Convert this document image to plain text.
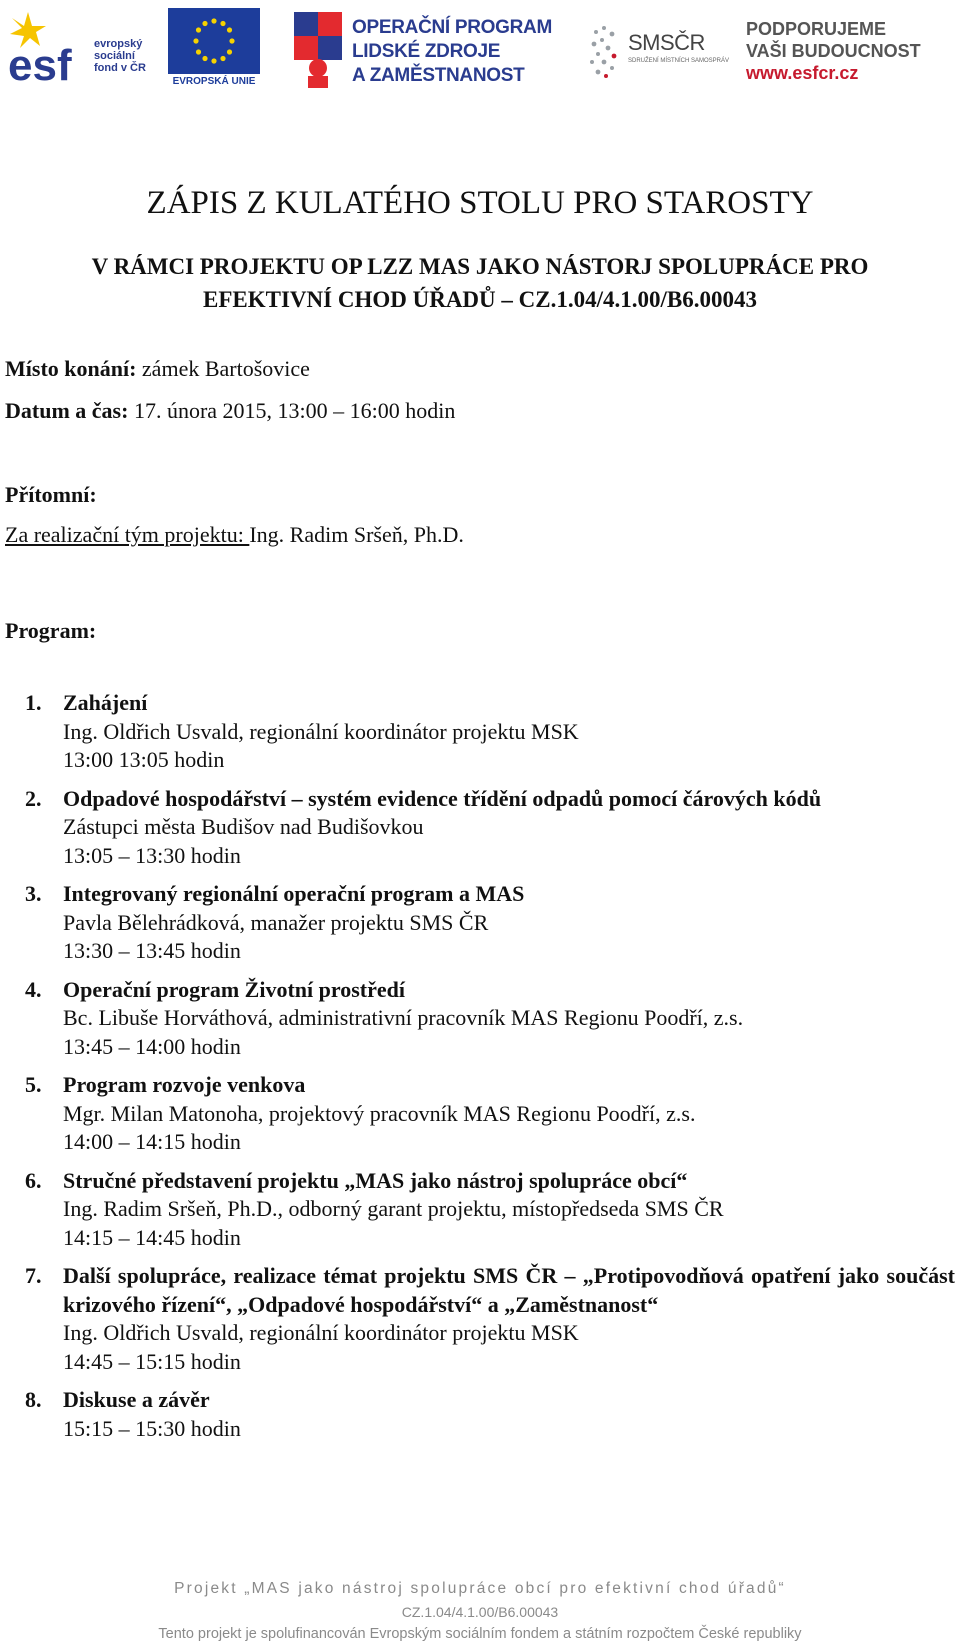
esf evropský sociální fond v ČR
EVROPSKÁ UNIE
OPERAČNÍ PROGRAM
LIDSKÉ ZDROJE
A ZAMĚSTNANOST
SMSČR
SDRUŽENÍ MÍSTNÍCH SAMOSPRÁV
PODPORUJEME
VAŠI BUDOUCNOST
www.esfcr.cz
ZÁPIS Z KULATÉHO STOLU PRO STAROSTY
V RÁMCI PROJEKTU OP LZZ MAS JAKO NÁSTORJ SPOLUPRÁCE PRO
EFEKTIVNÍ CHOD ÚŘADŮ – CZ.1.04/4.1.00/B6.00043
Místo konání: zámek Bartošovice
Datum a čas: 17. února 2015, 13:00 – 16:00 hodin
Přítomní:
Za realizační tým projektu: Ing. Radim Sršeň, Ph.D.
Program:
1. Zahájení
Ing. Oldřich Usvald, regionální koordinátor projektu MSK
13:00 13:05 hodin
2. Odpadové hospodářství – systém evidence třídění odpadů pomocí čárových kódů
Zástupci města Budišov nad Budišovkou
13:05 – 13:30 hodin
3. Integrovaný regionální operační program a MAS
Pavla Bělehrádková, manažer projektu SMS ČR
13:30 – 13:45 hodin
4. Operační program Životní prostředí
Bc. Libuše Horváthová, administrativní pracovník MAS Regionu Poodří, z.s.
13:45 – 14:00 hodin
5. Program rozvoje venkova
Mgr. Milan Matonoha, projektový pracovník MAS Regionu Poodří, z.s.
14:00 – 14:15 hodin
6. Stručné představení projektu „MAS jako nástroj spolupráce obcí“
Ing. Radim Sršeň, Ph.D., odborný garant projektu, místopředseda SMS ČR
14:15 – 14:45 hodin
7. Další spolupráce, realizace témat projektu SMS ČR – „Protipovodňová opatření jako součást krizového řízení“, „Odpadové hospodářství“ a „Zaměstnanost“
Ing. Oldřich Usvald, regionální koordinátor projektu MSK
14:45 – 15:15 hodin
8. Diskuse a závěr
15:15 – 15:30 hodin
Projekt „MAS jako nástroj spolupráce obcí pro efektivní chod úřadů“
CZ.1.04/4.1.00/B6.00043
Tento projekt je spolufinancován Evropským sociálním fondem a státním rozpočtem České republiky
